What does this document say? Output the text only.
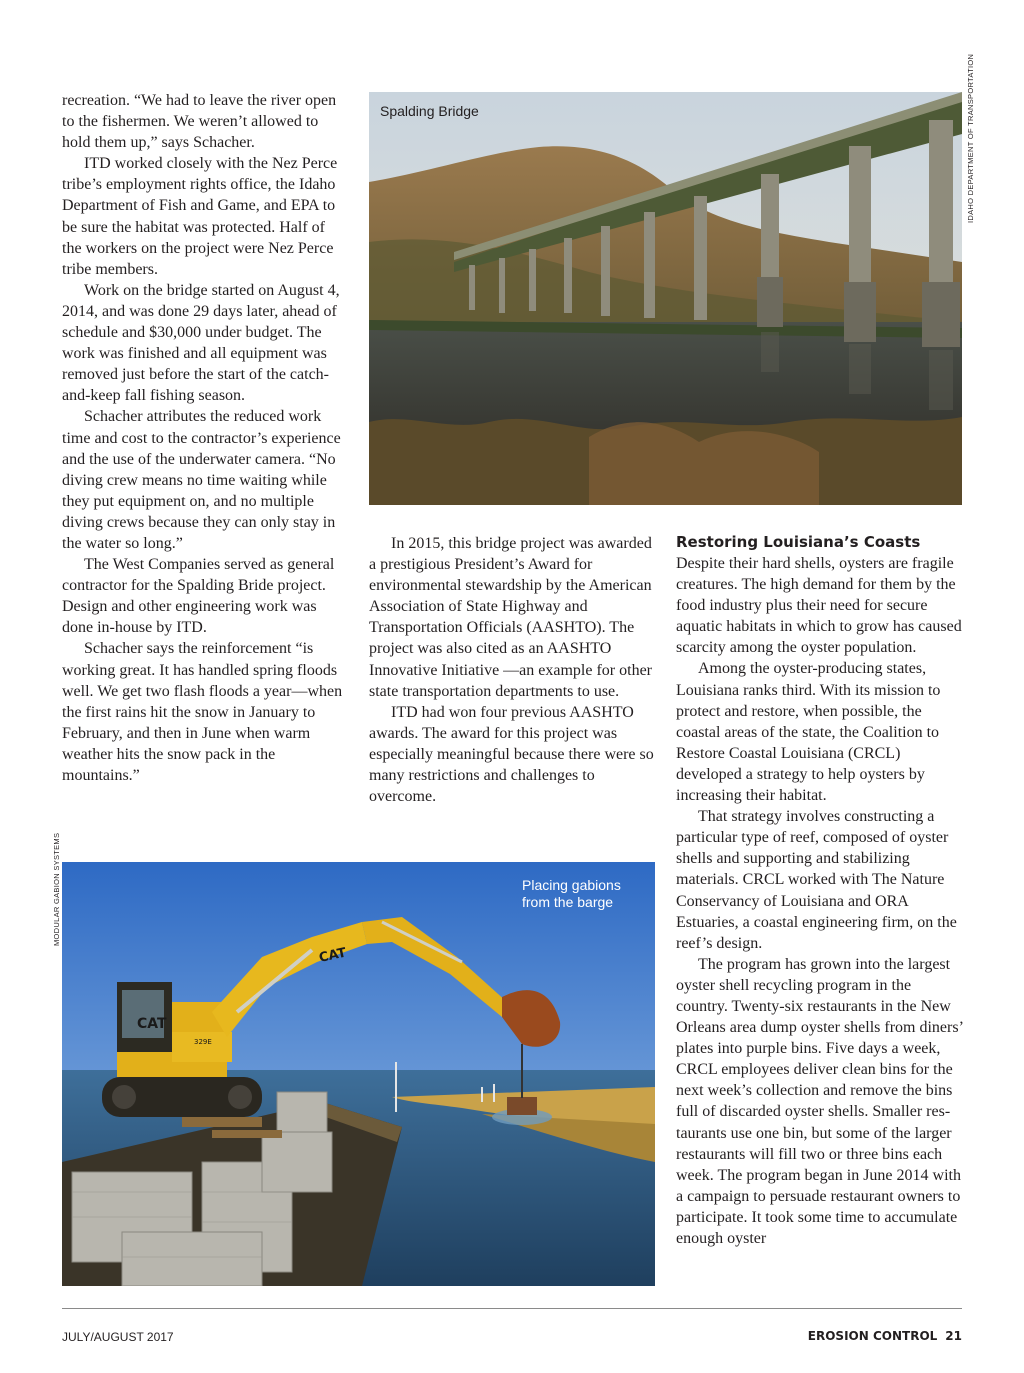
recreation. “We had to leave the river open to the fishermen. We weren’t allowed to hold them up,” says Schacher.

ITD worked closely with the Nez Perce tribe’s employment rights office, the Idaho Department of Fish and Game, and EPA to be sure the habitat was protected. Half of the workers on the project were Nez Perce tribe members.

Work on the bridge started on August 4, 2014, and was done 29 days later, ahead of schedule and $30,000 under budget. The work was finished and all equipment was removed just before the start of the catch-and-keep fall fishing season.

Schacher attributes the reduced work time and cost to the contractor’s experience and the use of the underwater camera. “No diving crew means no time waiting while they put equipment on, and no multiple diving crews because they can only stay in the water so long.”

The West Companies served as general contractor for the Spalding Bride project. Design and other engineering work was done in-house by ITD.

Schacher says the reinforcement “is working great. It has handled spring floods well. We get two flash floods a year—when the first rains hit the snow in January to February, and then in June when warm weather hits the snow pack in the mountains.”

Spalding Bridge	IDAHO DEPARTMENT OF TRANSPORTATION

In 2015, this bridge project was awarded a prestigious President’s Award for environmental stewardship by the American Association of State Highway and Transportation Officials (AASHTO). The project was also cited as an AASHTO Innovative Initiative —an example for other state transportation departments to use.

ITD had won four previous AASHTO awards. The award for this project was especially meaningful because there were so many restrictions and challenges to overcome.

Restoring Louisiana’s Coasts

Despite their hard shells, oysters are fragile creatures. The high demand for them by the food industry plus their need for secure aquatic habitats in which to grow has caused scarcity among the oyster population.

Among the oyster-producing states, Louisiana ranks third. With its mission to protect and restore, when possible, the coastal areas of the state, the Coalition to Restore Coastal Louisiana (CRCL) developed a strategy to help oysters by increasing their habitat.

That strategy involves constructing a particular type of reef, composed of oyster shells and supporting and stabilizing materials. CRCL worked with The Nature Conservancy of Louisiana and ORA Estuaries, a coastal engineering firm, on the reef’s design.

The program has grown into the largest oyster shell recycling program in the country. Twenty-six restaurants in the New Orleans area dump oyster shells from diners’ plates into purple bins. Five days a week, CRCL employees deliver clean bins for the next week’s collection and remove the bins full of discarded oyster shells. Smaller restaurants use one bin, but some of the larger restaurants will fill two or three bins each week. The program began in June 2014 with a campaign to persuade restaurant owners to participate. It took some time to accumulate enough oyster

CAT
CAT
329E
Placing gabions from the barge
MODULAR GABION SYSTEMS
JULY/AUGUST 2017	EROSION CONTROL 21
